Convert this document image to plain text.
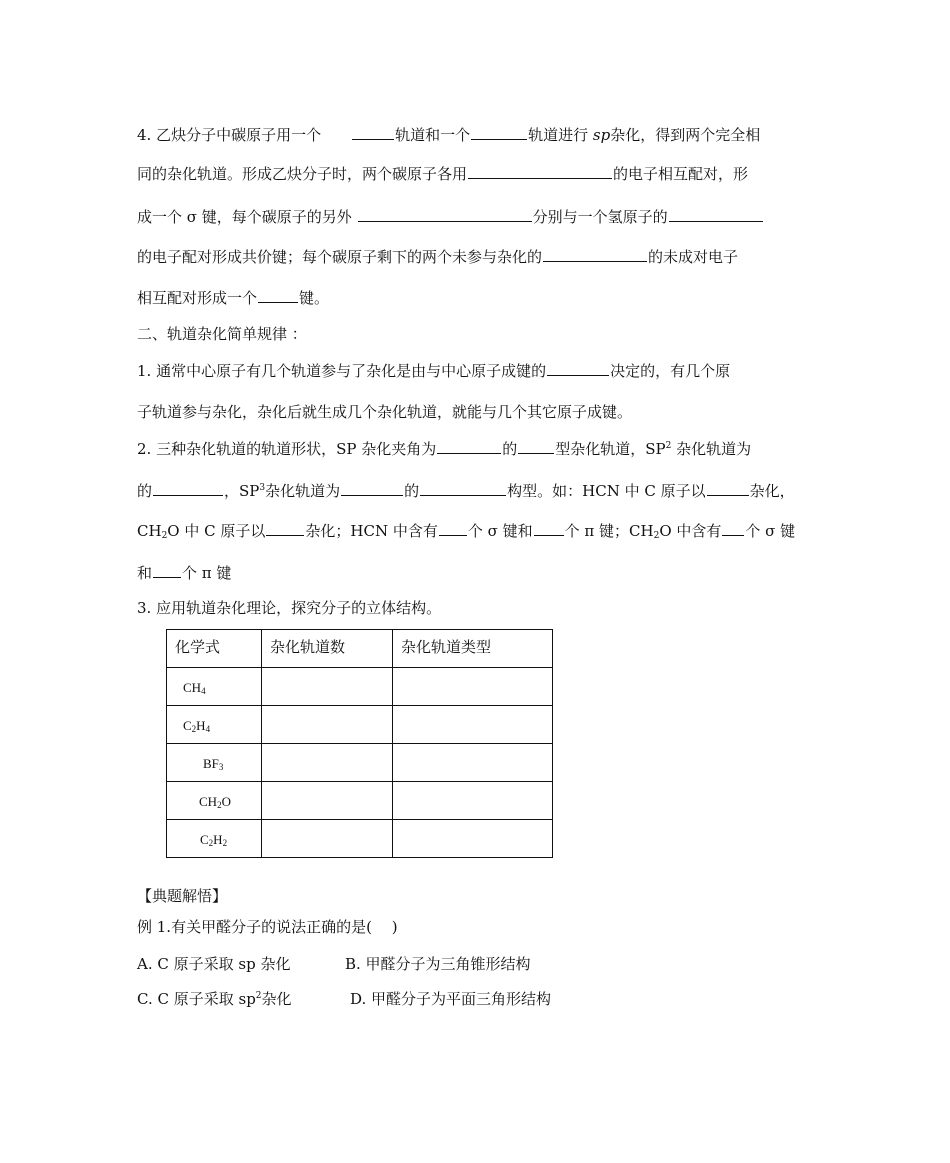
4. 乙炔分子中碳原子用一个	轨道和一个	轨道进行 sp杂化，得到两个完全相
同的杂化轨道。形成乙炔分子时，两个碳原子各用	的电子相互配对，形
成一个 σ 键，每个碳原子的另外	分别与一个氢原子的
的电子配对形成共价键；每个碳原子剩下的两个未参与杂化的	的未成对电子
相互配对形成一个	键。
二、轨道杂化简单规律 ：
1. 通常中心原子有几个轨道参与了杂化是由与中心原子成键的	决定的，有几个原
子轨道参与杂化，杂化后就生成几个杂化轨道，就能与几个其它原子成键。
2. 三种杂化轨道的轨道形状，SP 杂化夹角为	的	型杂化轨道，$SP^2$ 杂化轨道为
的	，$SP^3$杂化轨道为	的	构型。如：HCN 中 C 原子以	杂化，
$CH_2O$ 中 C 原子以	杂化；HCN 中含有 个 σ 键和 个 π 键；$CH_2O$ 中含有 个 σ 键
和 个 π 键
3. 应用轨道杂化理论，探究分子的立体结构。
化学式	杂化轨道数	杂化轨道类型
$CH_4$		
$C_2H_4$		
$BF_3$		
$CH_2O$		
$C_2H_2$		
【典题解悟】
例 1.有关甲醛分子的说法正确的是(　 )
A. C 原子采取 sp 杂化	B. 甲醛分子为三角锥形结构
C. C 原子采取 $sp^2$杂化	D. 甲醛分子为平面三角形结构
